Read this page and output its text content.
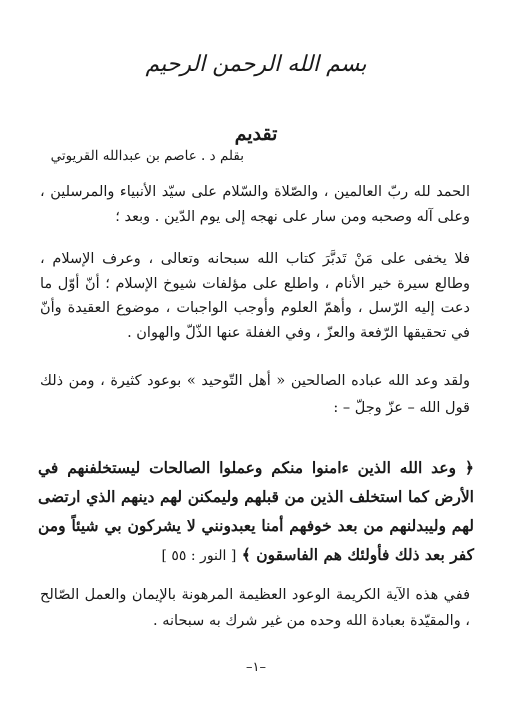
بسم الله الرحمن الرحيم
تقديم
بقلم د . عاصم بن عبدالله القريوتي
الحمد لله ربّ العالمين ، والصّلاة والسّلام على سيّد الأنبياء والمرسلين ، وعلى آله وصحبه ومن سار على نهجه إلى يوم الدّين . وبعد ؛
فلا يخفى على مَنْ تَدبَّرَ كتاب الله سبحانه وتعالى ، وعرف الإسلام ، وطالع سيرة خير الأنام ، واطلع على مؤلفات شيوخ الإسلام ؛ أنّ أوّل ما دعت إليه الرّسل ، وأهمّ العلوم وأوجب الواجبات ، موضوع العقيدة وأنّ في تحقيقها الرّفعة والعزّ ، وفي الغفلة عنها الذّلّ والهوان .
ولقد وعد الله عباده الصالحين « أهل التّوحيد » بوعود كثيرة ، ومن ذلك قول الله – عزّ وجلّ – :
﴿ وعد الله الذين ءامنوا منكم وعملوا الصالحات ليستخلفنهم في الأرض كما استخلف الذين من قبلهم وليمكنن لهم دينهم الذي ارتضى لهم وليبدلنهم من بعد خوفهم أمنا يعبدونني لا يشركون بي شيئاً ومن كفر بعد ذلك فأولئك هم الفاسقون ﴾ [ النور : ٥٥ ]
ففي هذه الآية الكريمة الوعود العظيمة المرهونة بالإيمان والعمل الصّالح ، والمقيّدة بعبادة الله وحده من غير شرك به سبحانه .
–١–
